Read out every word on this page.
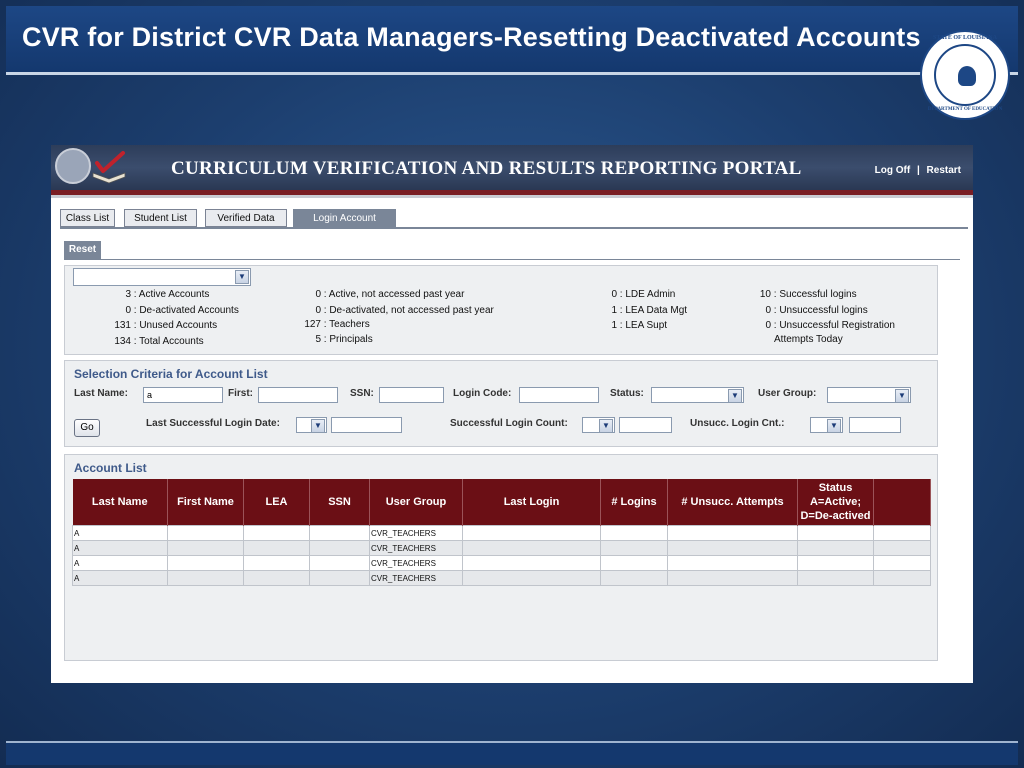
CVR for District CVR Data Managers-Resetting Deactivated Accounts	STATE OF LOUISIANA
DEPARTMENT OF EDUCATION
CURRICULUM VERIFICATION AND RESULTS REPORTING PORTAL	Log Off | Restart
Class List	Student List	Verified Data	Login Account
Reset
▼
3 : Active Accounts
0 : De-activated Accounts
131 : Unused Accounts
134 : Total Accounts
0 : Active, not accessed past year
0 : De-activated, not accessed past year
127 : Teachers
5 : Principals
0 : LDE Admin
1 : LEA Data Mgt
1 : LEA Supt
10 : Successful logins
0 : Unsuccessful logins
0 : Unsuccessful Registration
Attempts Today
Selection Criteria for Account List
Last Name:	a	First:	SSN:	Login Code:	Status:	▼	User Group:	▼
Go	Last Successful Login Date:	▼	Successful Login Count:	▼	Unsucc. Login Cnt.:	▼
Account List
Last Name	First Name	LEA	SSN	User Group	Last Login	# Logins	# Unsucc. Attempts	Status
A=Active;
D=De-actived	

A				CVR_TEACHERS					
A				CVR_TEACHERS					
A				CVR_TEACHERS					
A				CVR_TEACHERS					
